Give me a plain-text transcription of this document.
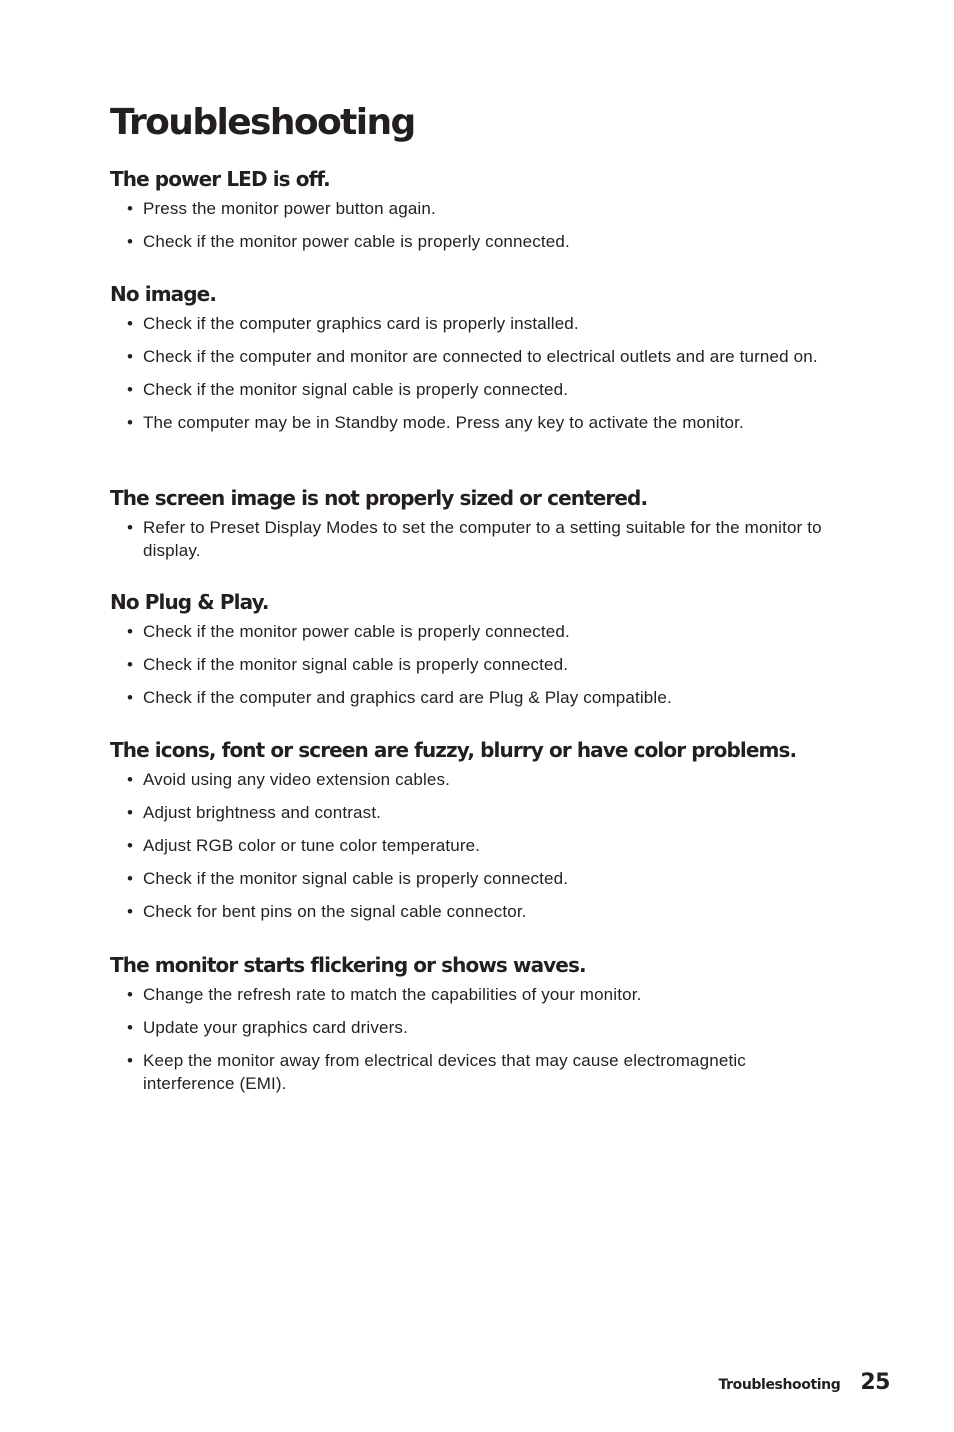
Troubleshooting
The power LED is off.
• Press the monitor power button again.
• Check if the monitor power cable is properly connected.
No image.
• Check if the computer graphics card is properly installed.
• Check if the computer and monitor are connected to electrical outlets and are turned on.
• Check if the monitor signal cable is properly connected.
• The computer may be in Standby mode. Press any key to activate the monitor.
The screen image is not properly sized or centered.
• Refer to Preset Display Modes to set the computer to a setting suitable for the monitor to display.
No Plug & Play.
• Check if the monitor power cable is properly connected.
• Check if the monitor signal cable is properly connected.
• Check if the computer and graphics card are Plug & Play compatible.
The icons, font or screen are fuzzy, blurry or have color problems.
• Avoid using any video extension cables.
• Adjust brightness and contrast.
• Adjust RGB color or tune color temperature.
• Check if the monitor signal cable is properly connected.
• Check for bent pins on the signal cable connector.
The monitor starts flickering or shows waves.
• Change the refresh rate to match the capabilities of your monitor.
• Update your graphics card drivers.
• Keep the monitor away from electrical devices that may cause electromagnetic interference (EMI).
Troubleshooting 25
